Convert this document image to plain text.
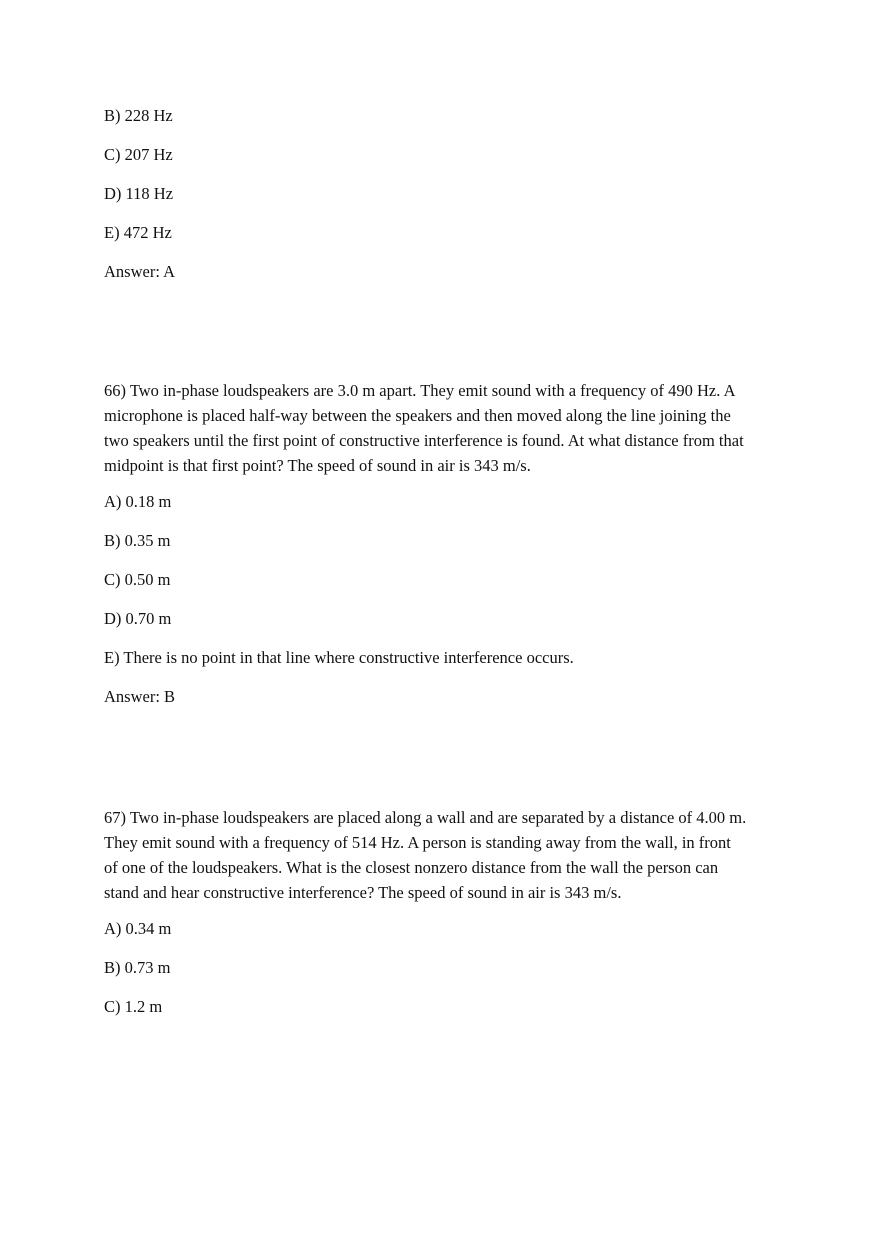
B) 228 Hz
C) 207 Hz
D) 118 Hz
E) 472 Hz
Answer: A
66) Two in-phase loudspeakers are 3.0 m apart. They emit sound with a frequency of 490 Hz. A
microphone is placed half-way between the speakers and then moved along the line joining the
two speakers until the first point of constructive interference is found. At what distance from that
midpoint is that first point? The speed of sound in air is 343 m/s.
A) 0.18 m
B) 0.35 m
C) 0.50 m
D) 0.70 m
E) There is no point in that line where constructive interference occurs.
Answer: B
67) Two in-phase loudspeakers are placed along a wall and are separated by a distance of 4.00 m.
They emit sound with a frequency of 514 Hz. A person is standing away from the wall, in front
of one of the loudspeakers. What is the closest nonzero distance from the wall the person can
stand and hear constructive interference? The speed of sound in air is 343 m/s.
A) 0.34 m
B) 0.73 m
C) 1.2 m
